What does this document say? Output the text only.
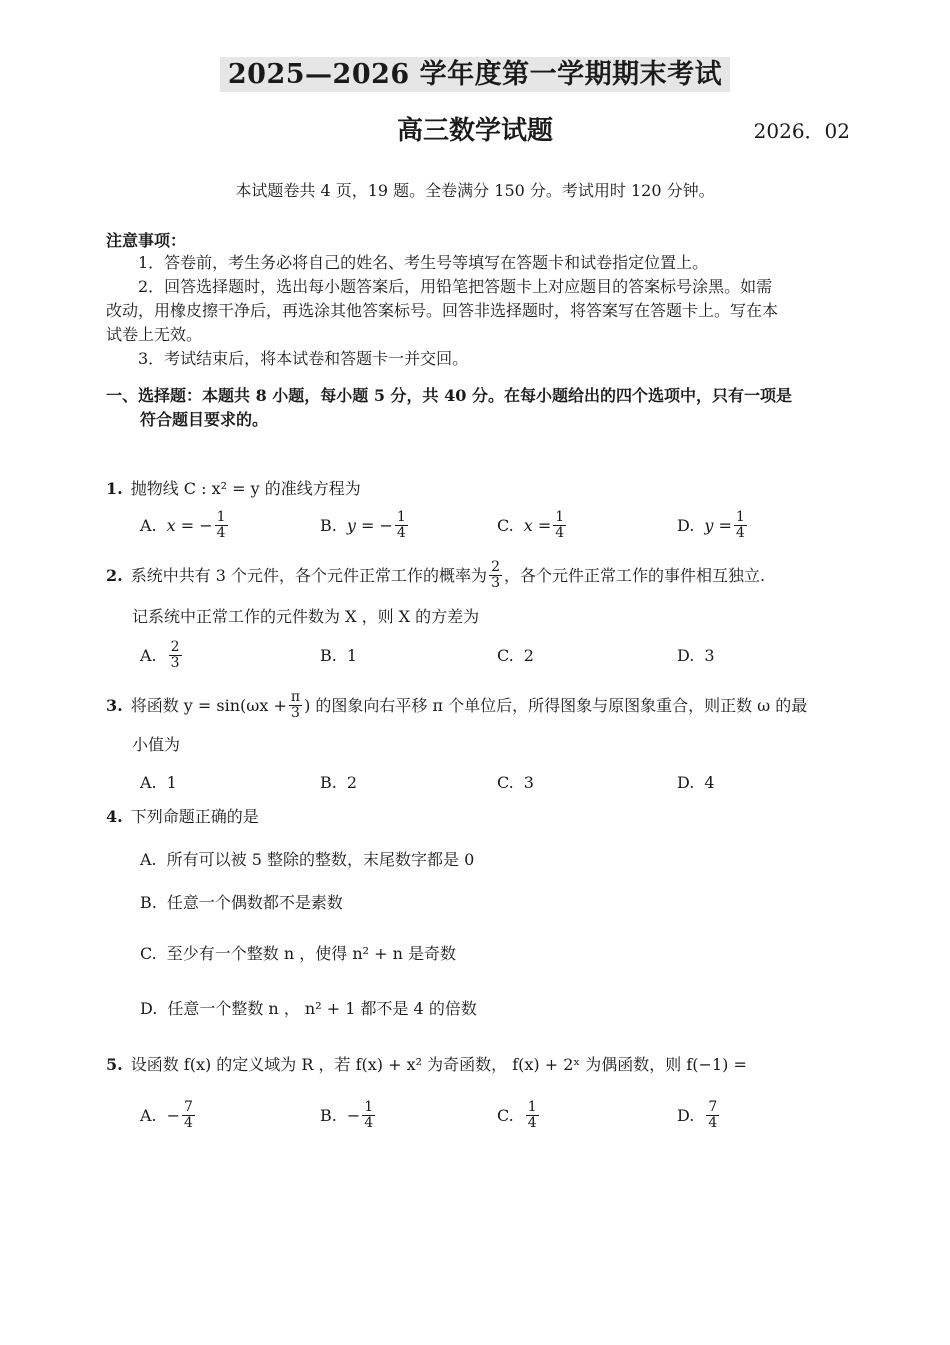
2025—2026 学年度第一学期期末考试
高三数学试题	2026．02
本试题卷共 4 页，19 题。全卷满分 150 分。考试用时 120 分钟。
注意事项：
1．答卷前，考生务必将自己的姓名、考生号等填写在答题卡和试卷指定位置上。
2．回答选择题时，选出每小题答案后，用铅笔把答题卡上对应题目的答案标号涂黑。如需
改动，用橡皮擦干净后，再选涂其他答案标号。回答非选择题时，将答案写在答题卡上。写在本
试卷上无效。
3．考试结束后，将本试卷和答题卡一并交回。
一、选择题：本题共 8 小题，每小题 5 分，共 40 分。在每小题给出的四个选项中，只有一项是
符合题目要求的。
1. 抛物线 C : x² = y 的准线方程为
A. x = − $\frac{1}{4}$	B. y = − $\frac{1}{4}$	C. $x = \frac{1}{4}$	D. $y = \frac{1}{4}$
2. 系统中共有 3 个元件，各个元件正常工作的概率为 $\frac{2}{3}$ ，各个元件正常工作的事件相互独立.
记系统中正常工作的元件数为 X ，则 X 的方差为
A. $\frac{2}{3}$	B. 1	C. 2	D. 3
3. 将函数 $y = \sin(\omega x + \frac{\pi}{3}$ ) 的图象向右平移 π 个单位后，所得图象与原图象重合，则正数 ω 的最
小值为
A. 1	B. 2	C. 3	D. 4
4. 下列命题正确的是
A. 所有可以被 5 整除的整数，末尾数字都是 0
B. 任意一个偶数都不是素数
C. 至少有一个整数 n ，使得 n² + n 是奇数
D. 任意一个整数 n ， n² + 1 都不是 4 的倍数
5. 设函数 f(x) 的定义域为 R ，若 f(x) + x² 为奇函数， f(x) + 2ˣ 为偶函数，则 f(−1) =
A. − $\frac{7}{4}$	B. − $\frac{1}{4}$	C. $\frac{1}{4}$	D. $\frac{7}{4}$
